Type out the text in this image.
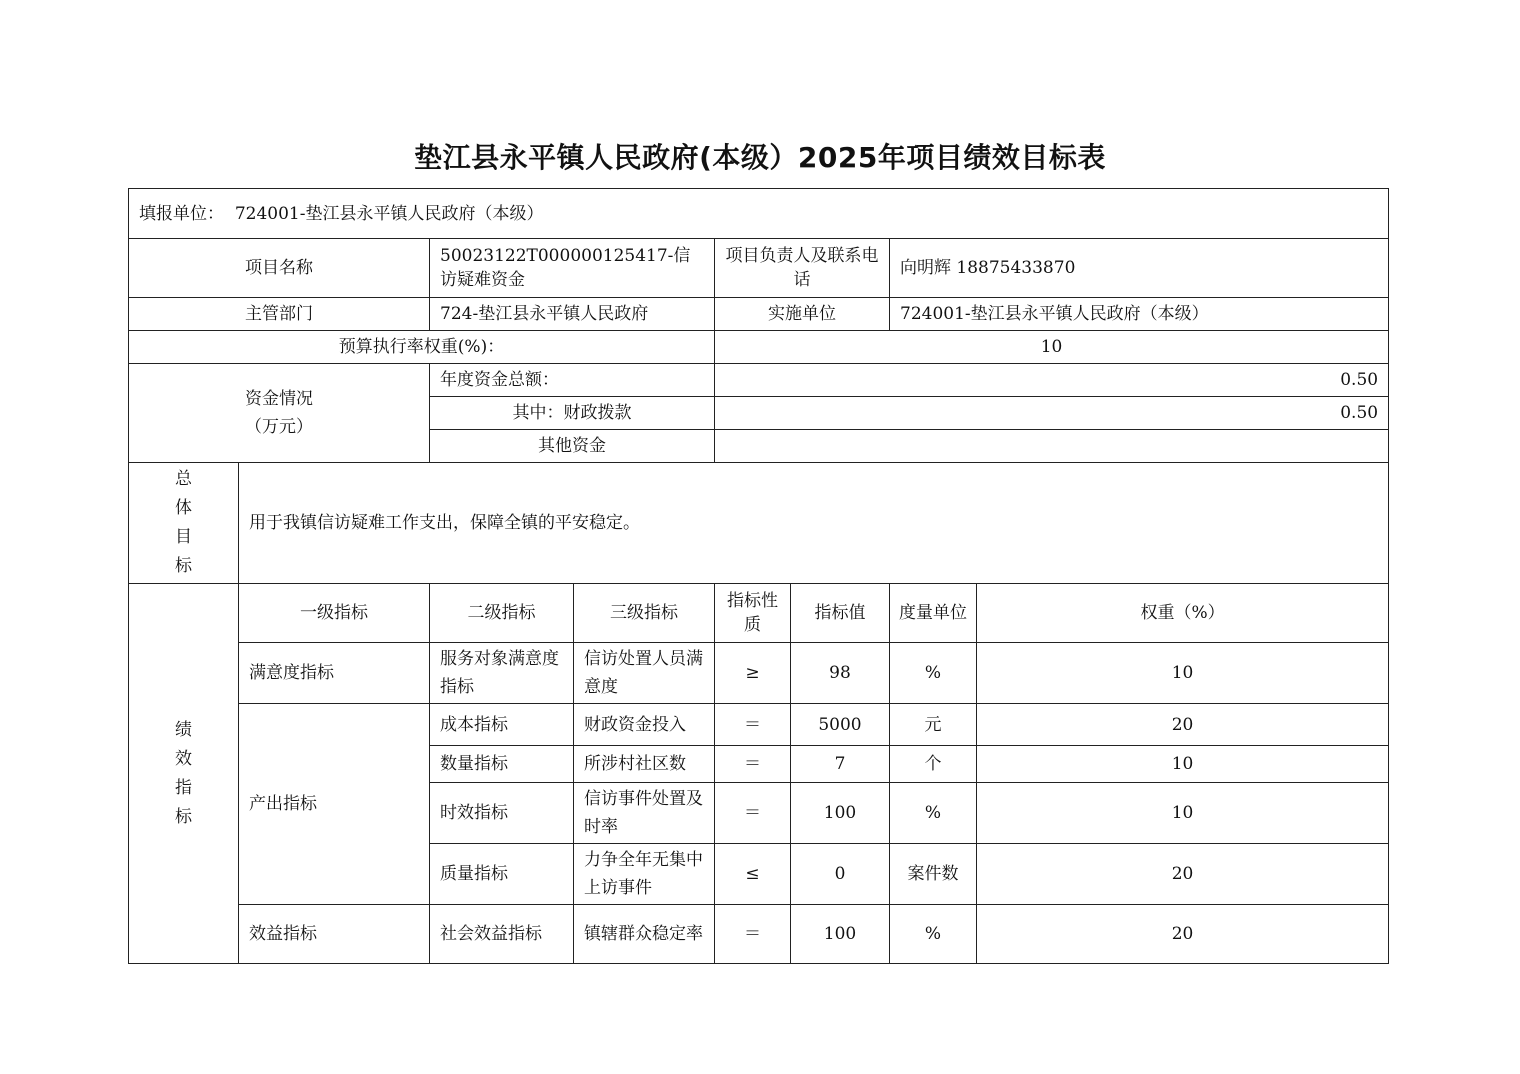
垫江县永平镇人民政府(本级）2025年项目绩效目标表
填报单位： 724001-垫江县永平镇人民政府（本级）							
项目名称		50023122T000000125417-信访疑难资金		项目负责人及联系电话		向明辉 18875433870	
主管部门		724-垫江县永平镇人民政府		实施单位		724001-垫江县永平镇人民政府（本级）	
预算执行率权重(%)：				10			

资金情况
（万元）		年度资金总额：		0.50			
		其中：财政拨款		0.50			
		其他资金					

总
体
目
标	用于我镇信访疑难工作支出，保障全镇的平安稳定。						

绩
效
指
标	一级指标	二级指标	三级指标	指标性质	指标值	度量单位	权重（%）
	满意度指标	服务对象满意度指标	信访处置人员满意度	≥	98	%	10
	产出指标	成本指标	财政资金投入	＝	5000	元	20
		数量指标	所涉村社区数	＝	7	个	10
		时效指标	信访事件处置及时率	＝	100	%	10
		质量指标	力争全年无集中上访事件	≤	0	案件数	20
	效益指标	社会效益指标	镇辖群众稳定率	＝	100	%	20
